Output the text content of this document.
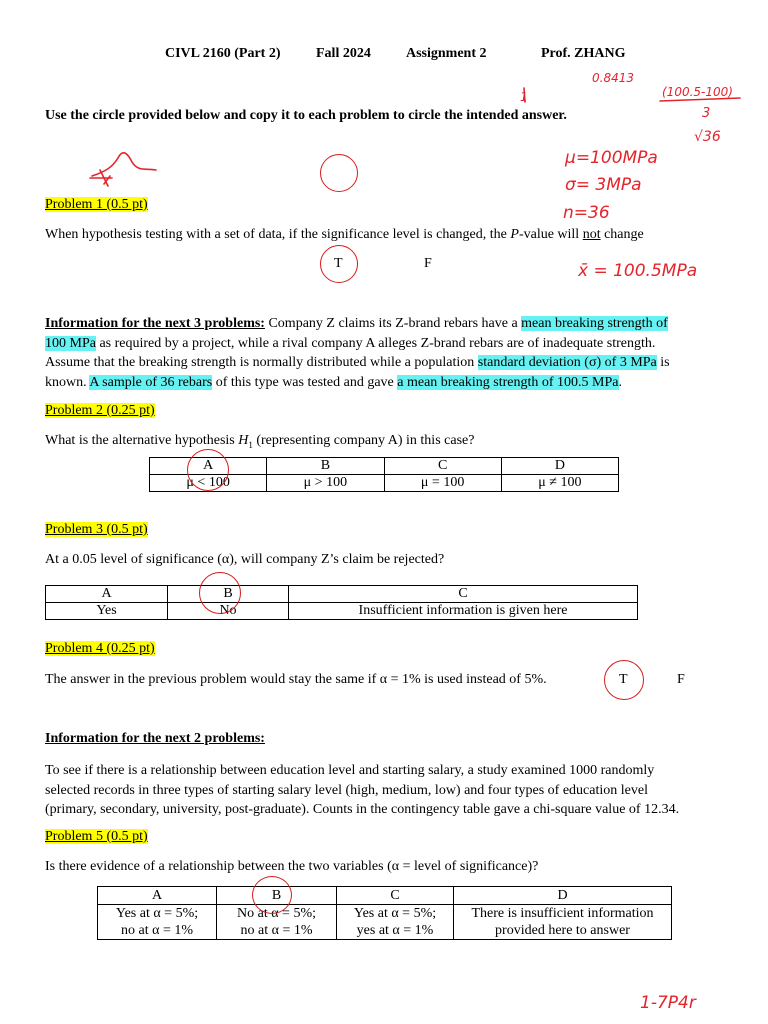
CIVL 2160 (Part 2)	Fall 2024	Assignment 2	Prof. ZHANG
Use the circle provided below and copy it to each problem to circle the intended answer.
Problem 1 (0.5 pt)
When hypothesis testing with a set of data, if the significance level is changed, the P-value will not change
T	F
Information for the next 3 problems: Company Z claims its Z-brand rebars have a mean breaking strength of
100 MPa as required by a project, while a rival company A alleges Z-brand rebars are of inadequate strength.
Assume that the breaking strength is normally distributed while a population standard deviation (σ) of 3 MPa is
known. A sample of 36 rebars of this type was tested and gave a mean breaking strength of 100.5 MPa.
Problem 2 (0.25 pt)
What is the alternative hypothesis $H_1$ (representing company A) in this case?
A	B	C	D
μ < 100	μ > 100	μ = 100	μ ≠ 100
Problem 3 (0.5 pt)
At a 0.05 level of significance (α), will company Z’s claim be rejected?
A	B	C
Yes	No	Insufficient information is given here
Problem 4 (0.25 pt)
The answer in the previous problem would stay the same if α = 1% is used instead of 5%.	T	F
Information for the next 2 problems:
To see if there is a relationship between education level and starting salary, a study examined 1000 randomly
selected records in three types of starting salary level (high, medium, low) and four types of education level
(primary, secondary, university, post-graduate). Counts in the contingency table gave a chi-square value of 12.34.
Problem 5 (0.5 pt)
Is there evidence of a relationship between the two variables (α = level of significance)?
A	B	C	D
Yes at α = 5%;	No at α = 5%;	Yes at α = 5%;	There is insufficient information
no at α = 1%	no at α = 1%	yes at α = 1%	provided here to answer
1
0.8413
(100.5-100)
3
√36
μ=100MPa
σ= 3MPa
n=36
x̄ = 100.5MPa
1-7P4r
